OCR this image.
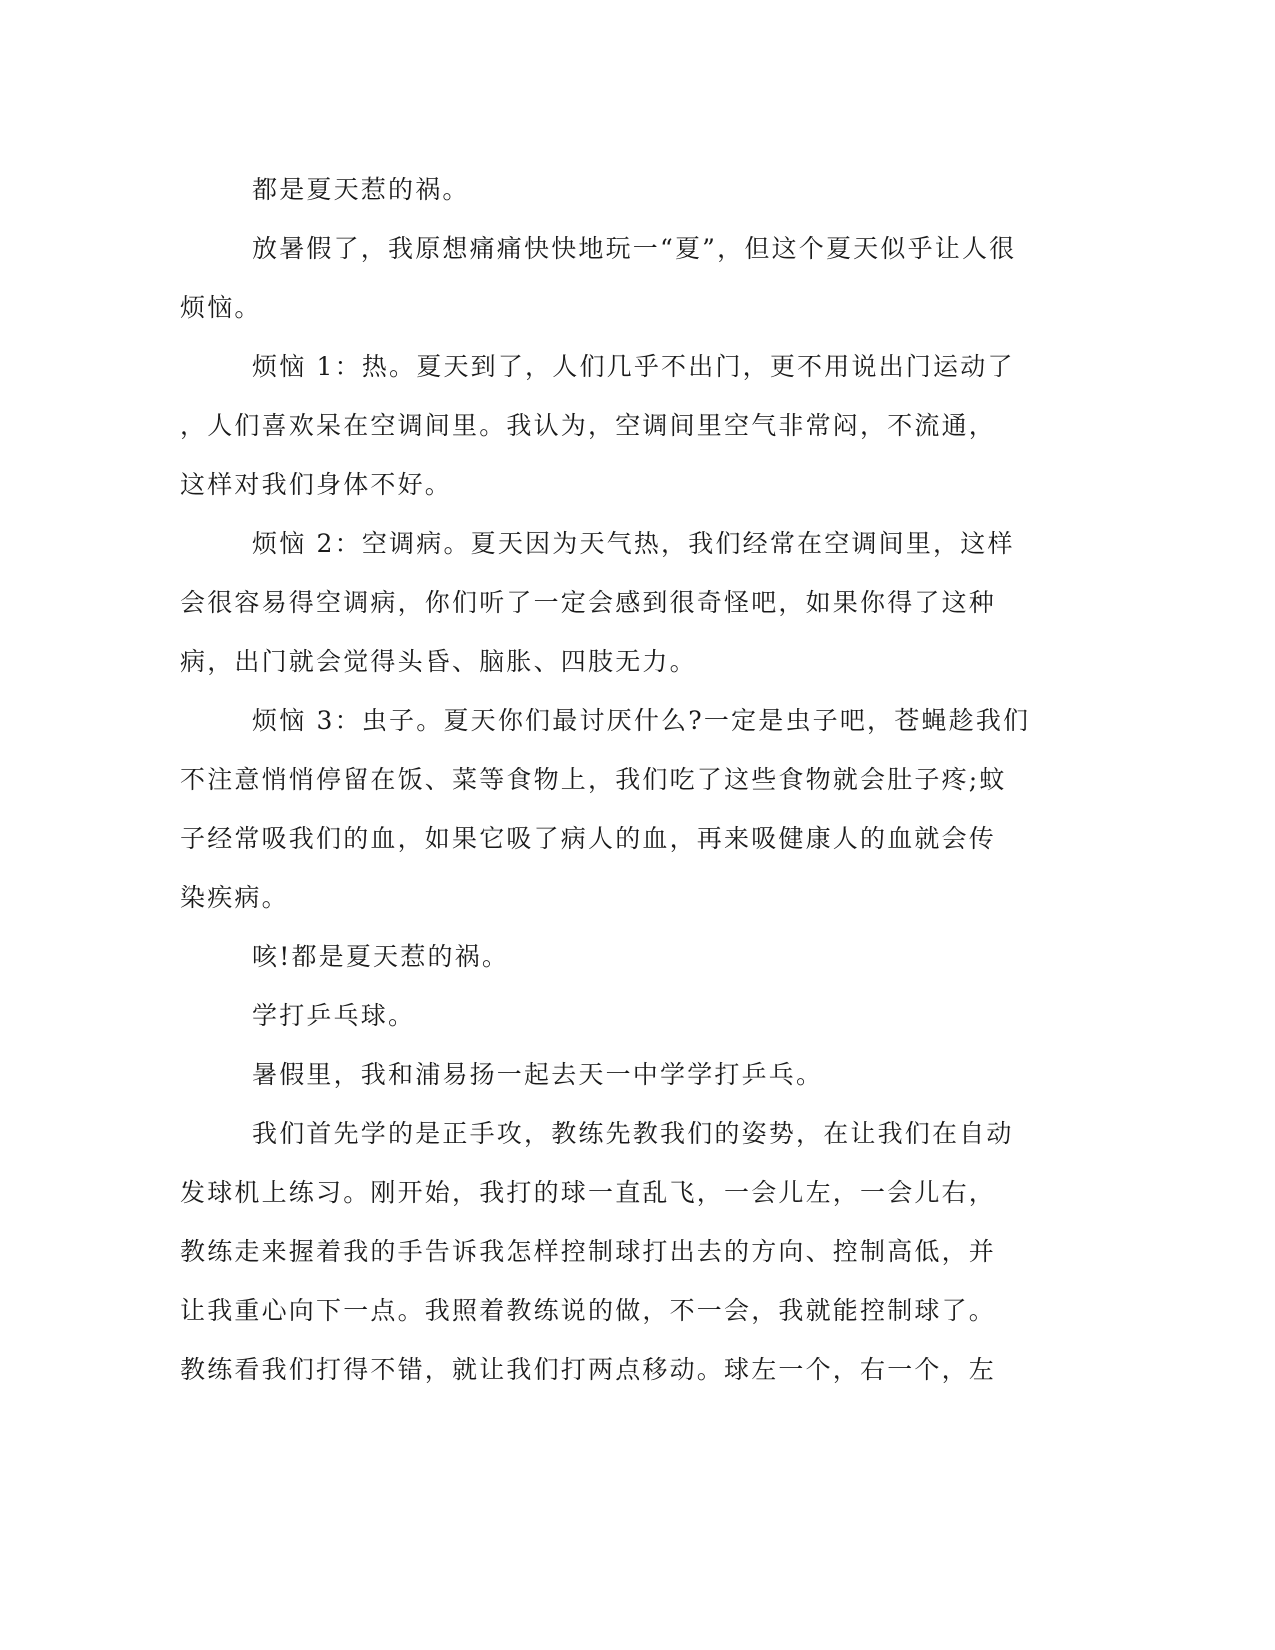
都是夏天惹的祸。
放暑假了，我原想痛痛快快地玩一“夏”，但这个夏天似乎让人很
烦恼。
烦恼 1：热。夏天到了，人们几乎不出门，更不用说出门运动了
，人们喜欢呆在空调间里。我认为，空调间里空气非常闷，不流通，
这样对我们身体不好。
烦恼 2：空调病。夏天因为天气热，我们经常在空调间里，这样
会很容易得空调病，你们听了一定会感到很奇怪吧，如果你得了这种
病，出门就会觉得头昏、脑胀、四肢无力。
烦恼 3：虫子。夏天你们最讨厌什么?一定是虫子吧，苍蝇趁我们
不注意悄悄停留在饭、菜等食物上，我们吃了这些食物就会肚子疼;蚊
子经常吸我们的血，如果它吸了病人的血，再来吸健康人的血就会传
染疾病。
咳!都是夏天惹的祸。
学打乒乓球。
暑假里，我和浦易扬一起去天一中学学打乒乓。
我们首先学的是正手攻，教练先教我们的姿势，在让我们在自动
发球机上练习。刚开始，我打的球一直乱飞，一会儿左，一会儿右，
教练走来握着我的手告诉我怎样控制球打出去的方向、控制高低，并
让我重心向下一点。我照着教练说的做，不一会，我就能控制球了。
教练看我们打得不错，就让我们打两点移动。球左一个，右一个，左
